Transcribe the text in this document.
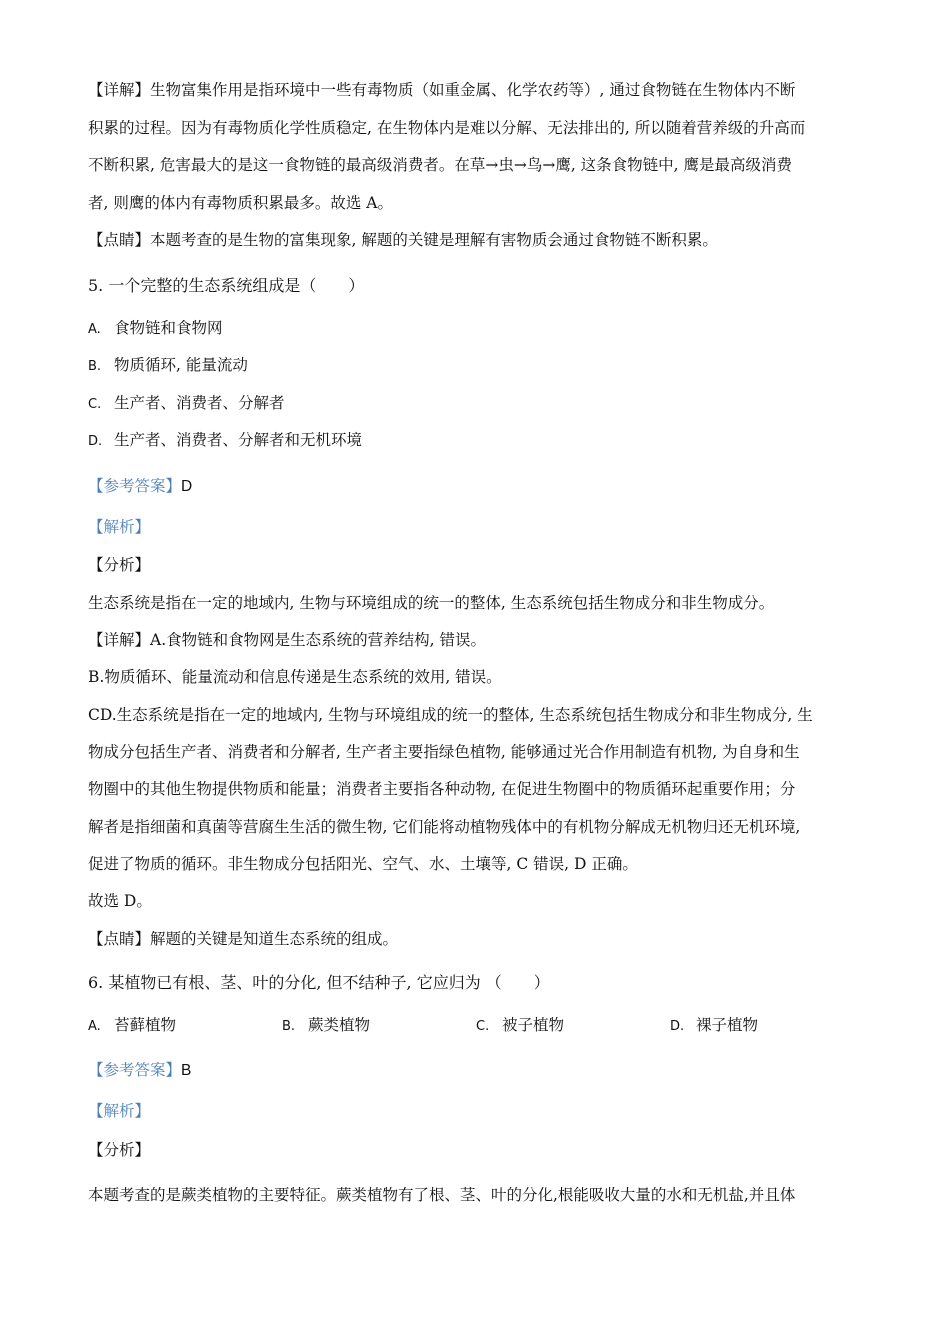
【详解】生物富集作用是指环境中一些有毒物质（如重金属、化学农药等）, 通过食物链在生物体内不断
积累的过程。因为有毒物质化学性质稳定, 在生物体内是难以分解、无法排出的, 所以随着营养级的升高而
不断积累, 危害最大的是这一食物链的最高级消费者。在草→虫→鸟→鹰, 这条食物链中, 鹰是最高级消费
者, 则鹰的体内有毒物质积累最多。故选 A。
【点睛】本题考查的是生物的富集现象, 解题的关键是理解有害物质会通过食物链不断积累。
5. 一个完整的生态系统组成是（　　）
A. 食物链和食物网
B. 物质循环, 能量流动
C. 生产者、消费者、分解者
D. 生产者、消费者、分解者和无机环境
【参考答案】D
【解析】
【分析】
生态系统是指在一定的地域内, 生物与环境组成的统一的整体, 生态系统包括生物成分和非生物成分。
【详解】A.食物链和食物网是生态系统的营养结构, 错误。
B.物质循环、能量流动和信息传递是生态系统的效用, 错误。
CD.生态系统是指在一定的地域内, 生物与环境组成的统一的整体, 生态系统包括生物成分和非生物成分, 生
物成分包括生产者、消费者和分解者, 生产者主要指绿色植物, 能够通过光合作用制造有机物, 为自身和生
物圈中的其他生物提供物质和能量；消费者主要指各种动物, 在促进生物圈中的物质循环起重要作用；分
解者是指细菌和真菌等营腐生生活的微生物, 它们能将动植物残体中的有机物分解成无机物归还无机环境,
促进了物质的循环。非生物成分包括阳光、空气、水、土壤等, C 错误, D 正确。
故选 D。
【点睛】解题的关键是知道生态系统的组成。
6. 某植物已有根、茎、叶的分化, 但不结种子, 它应归为 （　　）
A. 苔藓植物	B. 蕨类植物	C. 被子植物	D. 裸子植物
【参考答案】B
【解析】
【分析】
本题考查的是蕨类植物的主要特征。蕨类植物有了根、茎、叶的分化,根能吸收大量的水和无机盐,并且体
